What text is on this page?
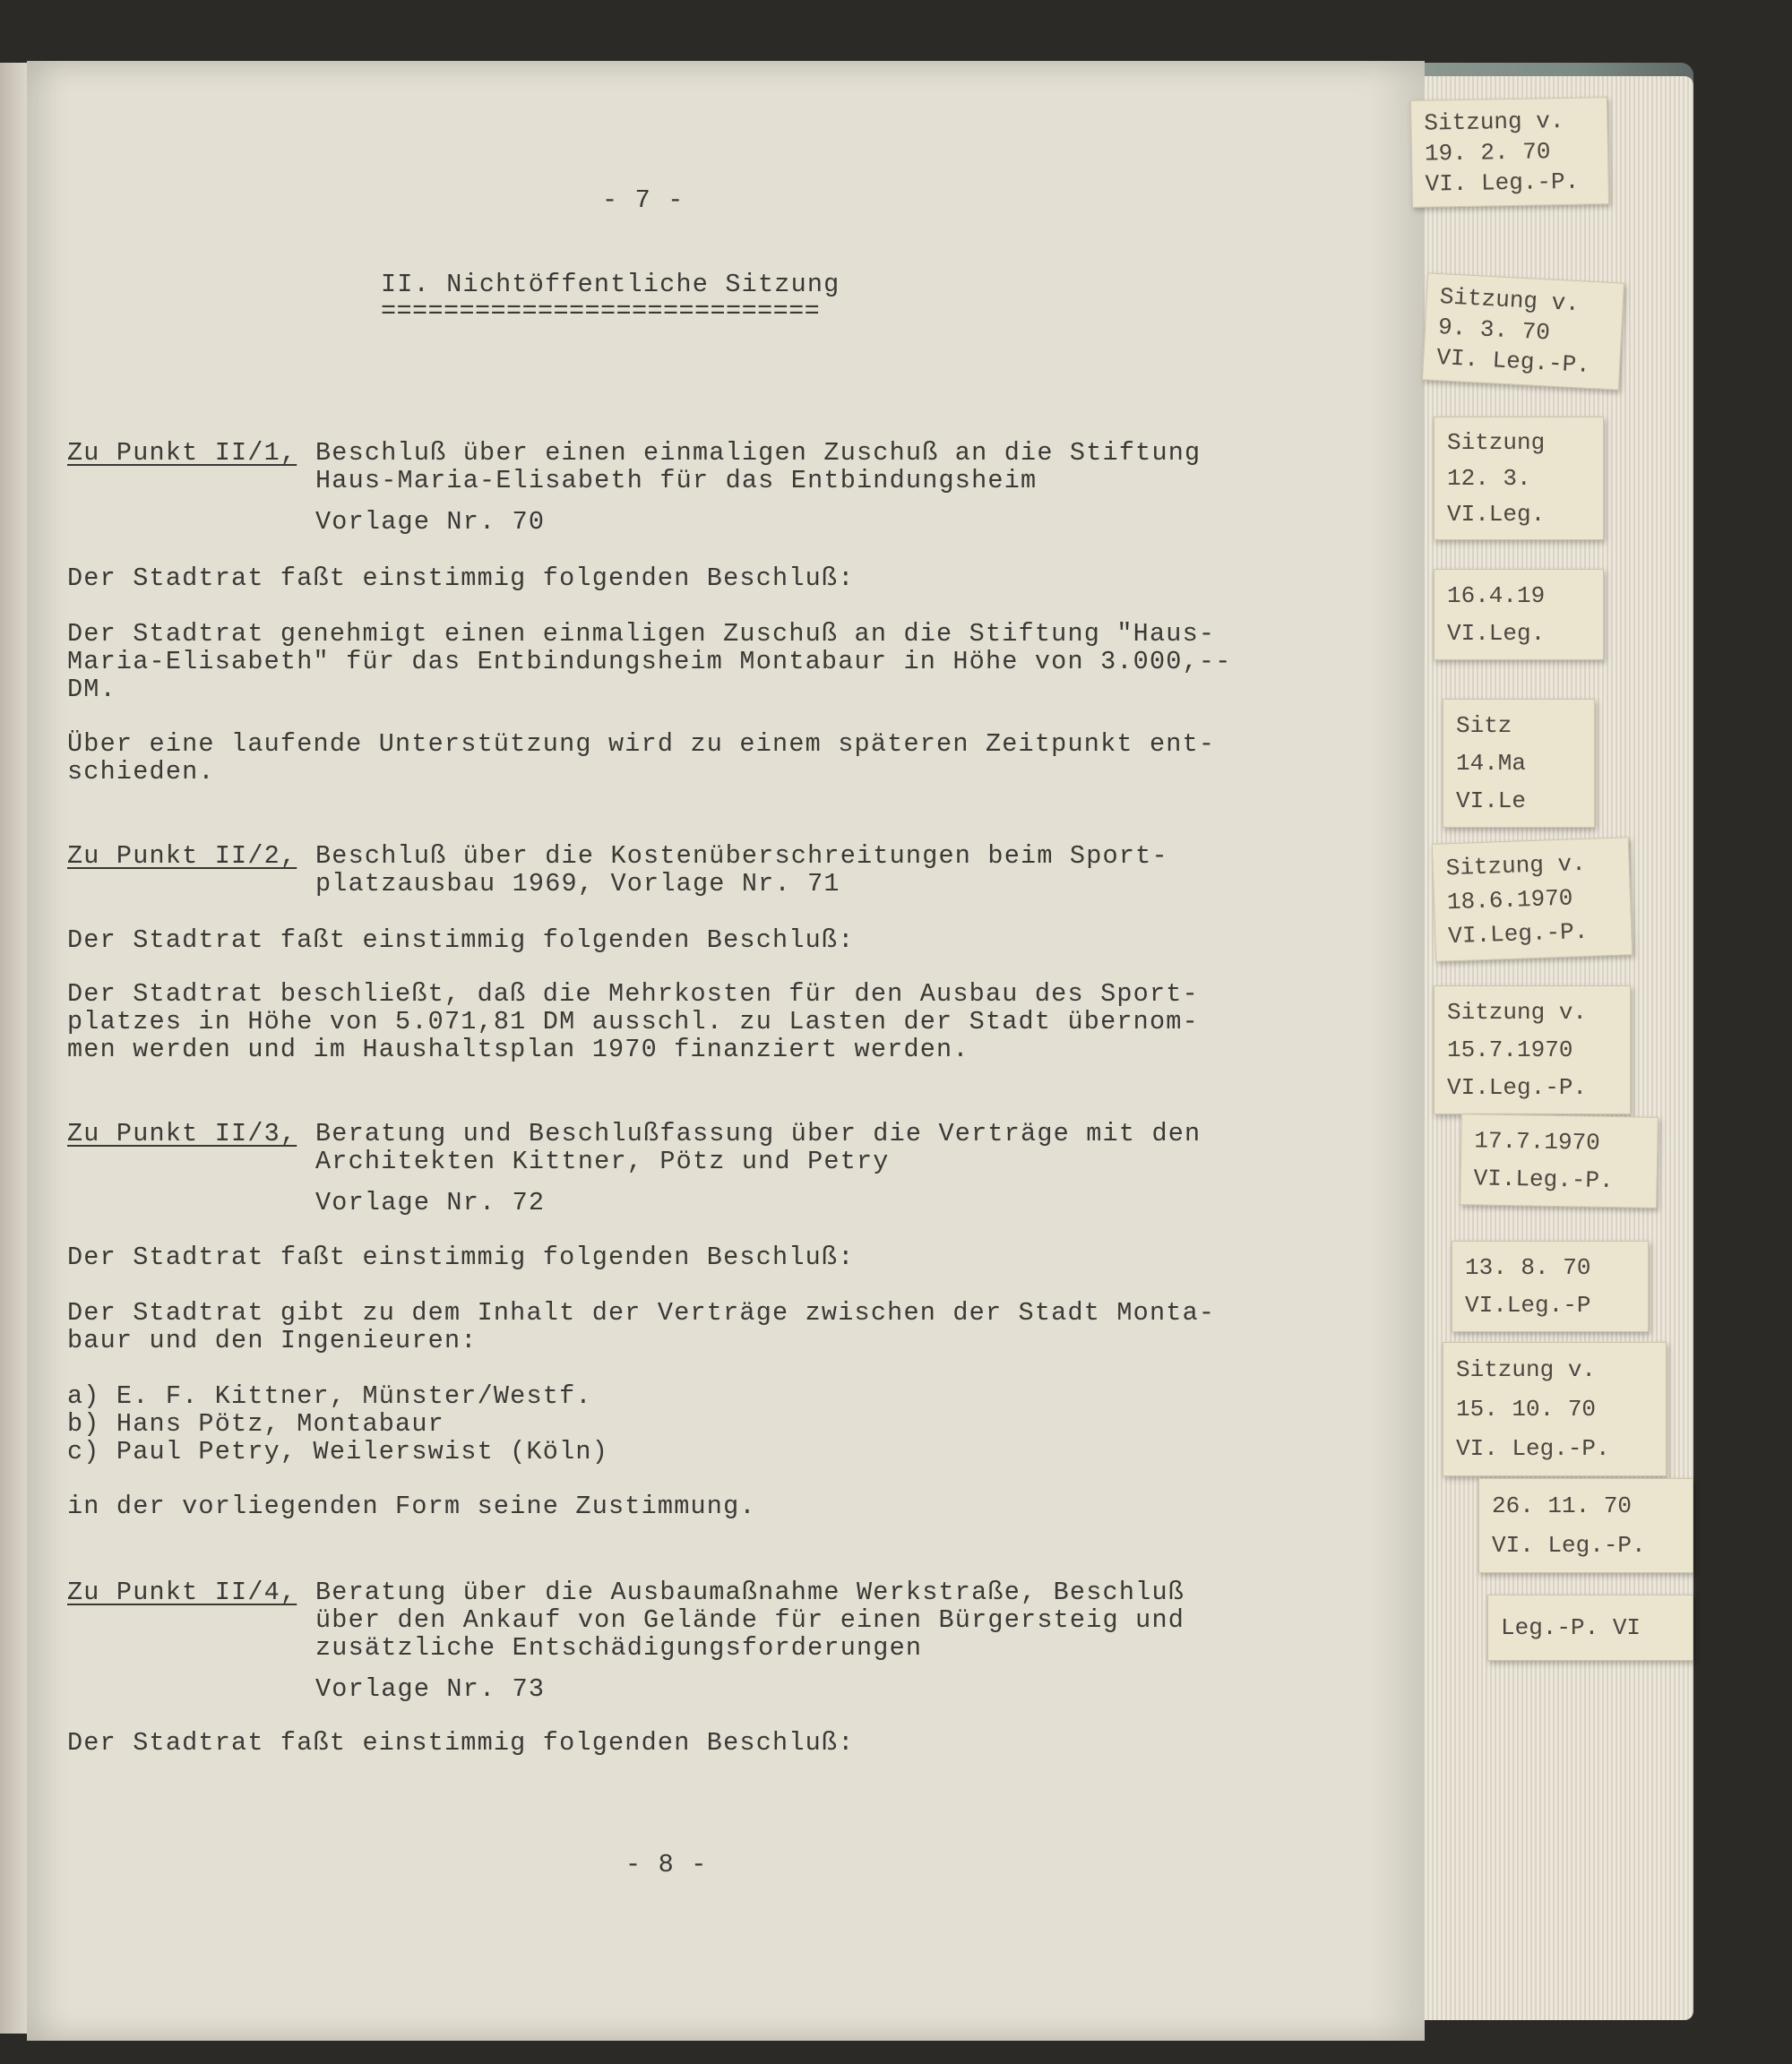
- 7 -
II. Nichtöffentliche Sitzung
============================
Zu Punkt II/1, Beschluß über einen einmaligen Zuschuß an die Stiftung
Haus-Maria-Elisabeth für das Entbindungsheim
Vorlage Nr. 70
Der Stadtrat faßt einstimmig folgenden Beschluß:
Der Stadtrat genehmigt einen einmaligen Zuschuß an die Stiftung "Haus-
Maria-Elisabeth" für das Entbindungsheim Montabaur in Höhe von 3.000,--
DM.
Über eine laufende Unterstützung wird zu einem späteren Zeitpunkt ent-
schieden.
Zu Punkt II/2, Beschluß über die Kostenüberschreitungen beim Sport-
platzausbau 1969, Vorlage Nr. 71
Der Stadtrat faßt einstimmig folgenden Beschluß:
Der Stadtrat beschließt, daß die Mehrkosten für den Ausbau des Sport-
platzes in Höhe von 5.071,81 DM ausschl. zu Lasten der Stadt übernom-
men werden und im Haushaltsplan 1970 finanziert werden.
Zu Punkt II/3, Beratung und Beschlußfassung über die Verträge mit den
Architekten Kittner, Pötz und Petry
Vorlage Nr. 72
Der Stadtrat faßt einstimmig folgenden Beschluß:
Der Stadtrat gibt zu dem Inhalt der Verträge zwischen der Stadt Monta-
baur und den Ingenieuren:
a) E. F. Kittner, Münster/Westf.
b) Hans Pötz, Montabaur
c) Paul Petry, Weilerswist (Köln)
in der vorliegenden Form seine Zustimmung.
Zu Punkt II/4, Beratung über die Ausbaumaßnahme Werkstraße, Beschluß
über den Ankauf von Gelände für einen Bürgersteig und
zusätzliche Entschädigungsforderungen
Vorlage Nr. 73
Der Stadtrat faßt einstimmig folgenden Beschluß:
- 8 -
Sitzung v.
19. 2. 70
VI. Leg.-P.
Sitzung v.
9. 3. 70
VI. Leg.-P.
Sitzung
12. 3.
VI.Leg.
16.4.19
VI.Leg.
Sitz
14.Ma
VI.Le
Sitzung v.
18.6.1970
VI.Leg.-P.
Sitzung v.
15.7.1970
VI.Leg.-P.
17.7.1970
VI.Leg.-P.
13. 8. 70
VI.Leg.-P
Sitzung v.
15. 10. 70
VI. Leg.-P.
26. 11. 70
VI. Leg.-P.
Leg.-P. VI
